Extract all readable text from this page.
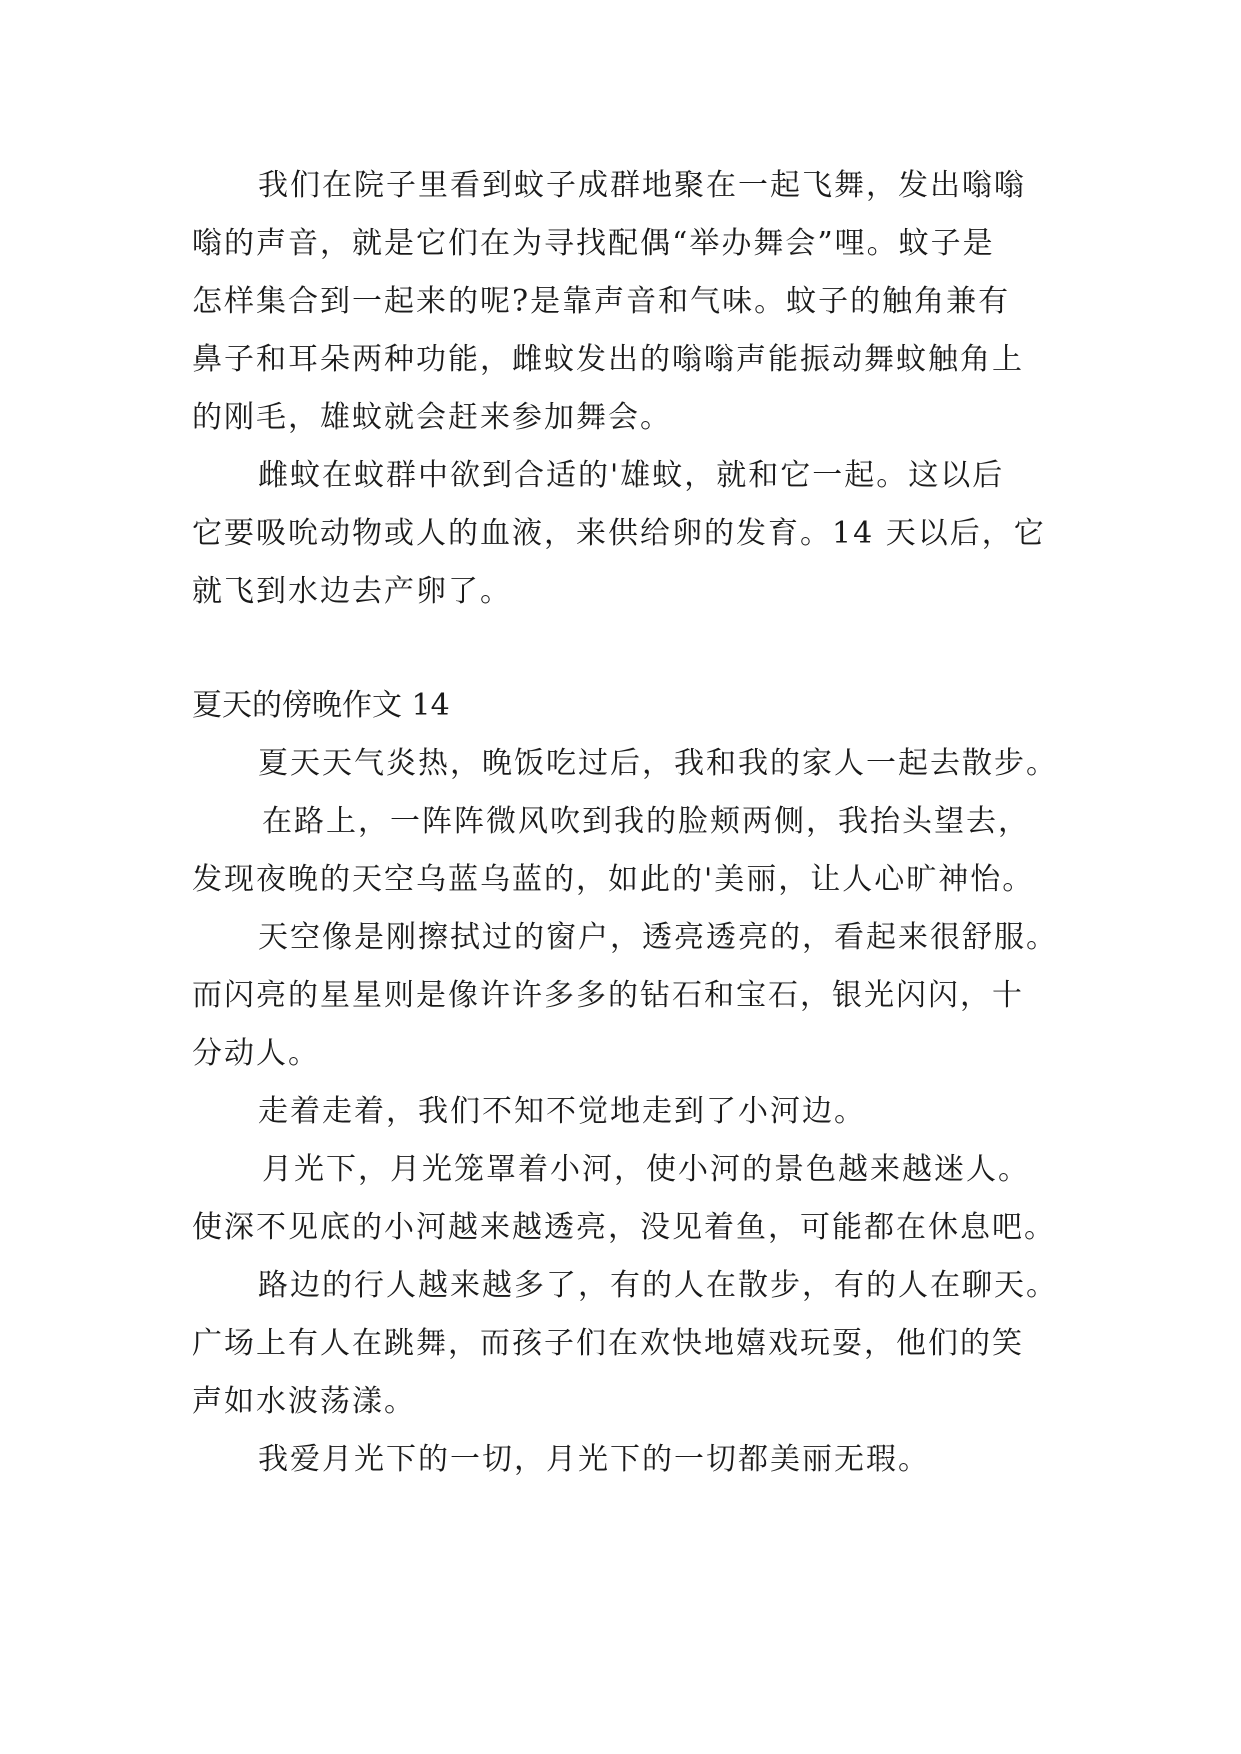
我们在院子里看到蚊子成群地聚在一起飞舞，发出嗡嗡

嗡的声音，就是它们在为寻找配偶“举办舞会”哩。蚊子是

怎样集合到一起来的呢?是靠声音和气味。蚊子的触角兼有

鼻子和耳朵两种功能，雌蚊发出的嗡嗡声能振动舞蚊触角上

的刚毛，雄蚊就会赶来参加舞会。

雌蚊在蚊群中欲到合适的'雄蚊，就和它一起。这以后

它要吸吮动物或人的血液，来供给卵的发育。14 天以后，它

就飞到水边去产卵了。

夏天的傍晚作文 14

夏天天气炎热，晚饭吃过后，我和我的家人一起去散步。

在路上，一阵阵微风吹到我的脸颊两侧，我抬头望去，

发现夜晚的天空乌蓝乌蓝的，如此的'美丽，让人心旷神怡。

天空像是刚擦拭过的窗户，透亮透亮的，看起来很舒服。

而闪亮的星星则是像许许多多的钻石和宝石，银光闪闪，十

分动人。

走着走着，我们不知不觉地走到了小河边。

月光下，月光笼罩着小河，使小河的景色越来越迷人。

使深不见底的小河越来越透亮，没见着鱼，可能都在休息吧。

路边的行人越来越多了，有的人在散步，有的人在聊天。

广场上有人在跳舞，而孩子们在欢快地嬉戏玩耍，他们的笑

声如水波荡漾。

我爱月光下的一切，月光下的一切都美丽无瑕。
